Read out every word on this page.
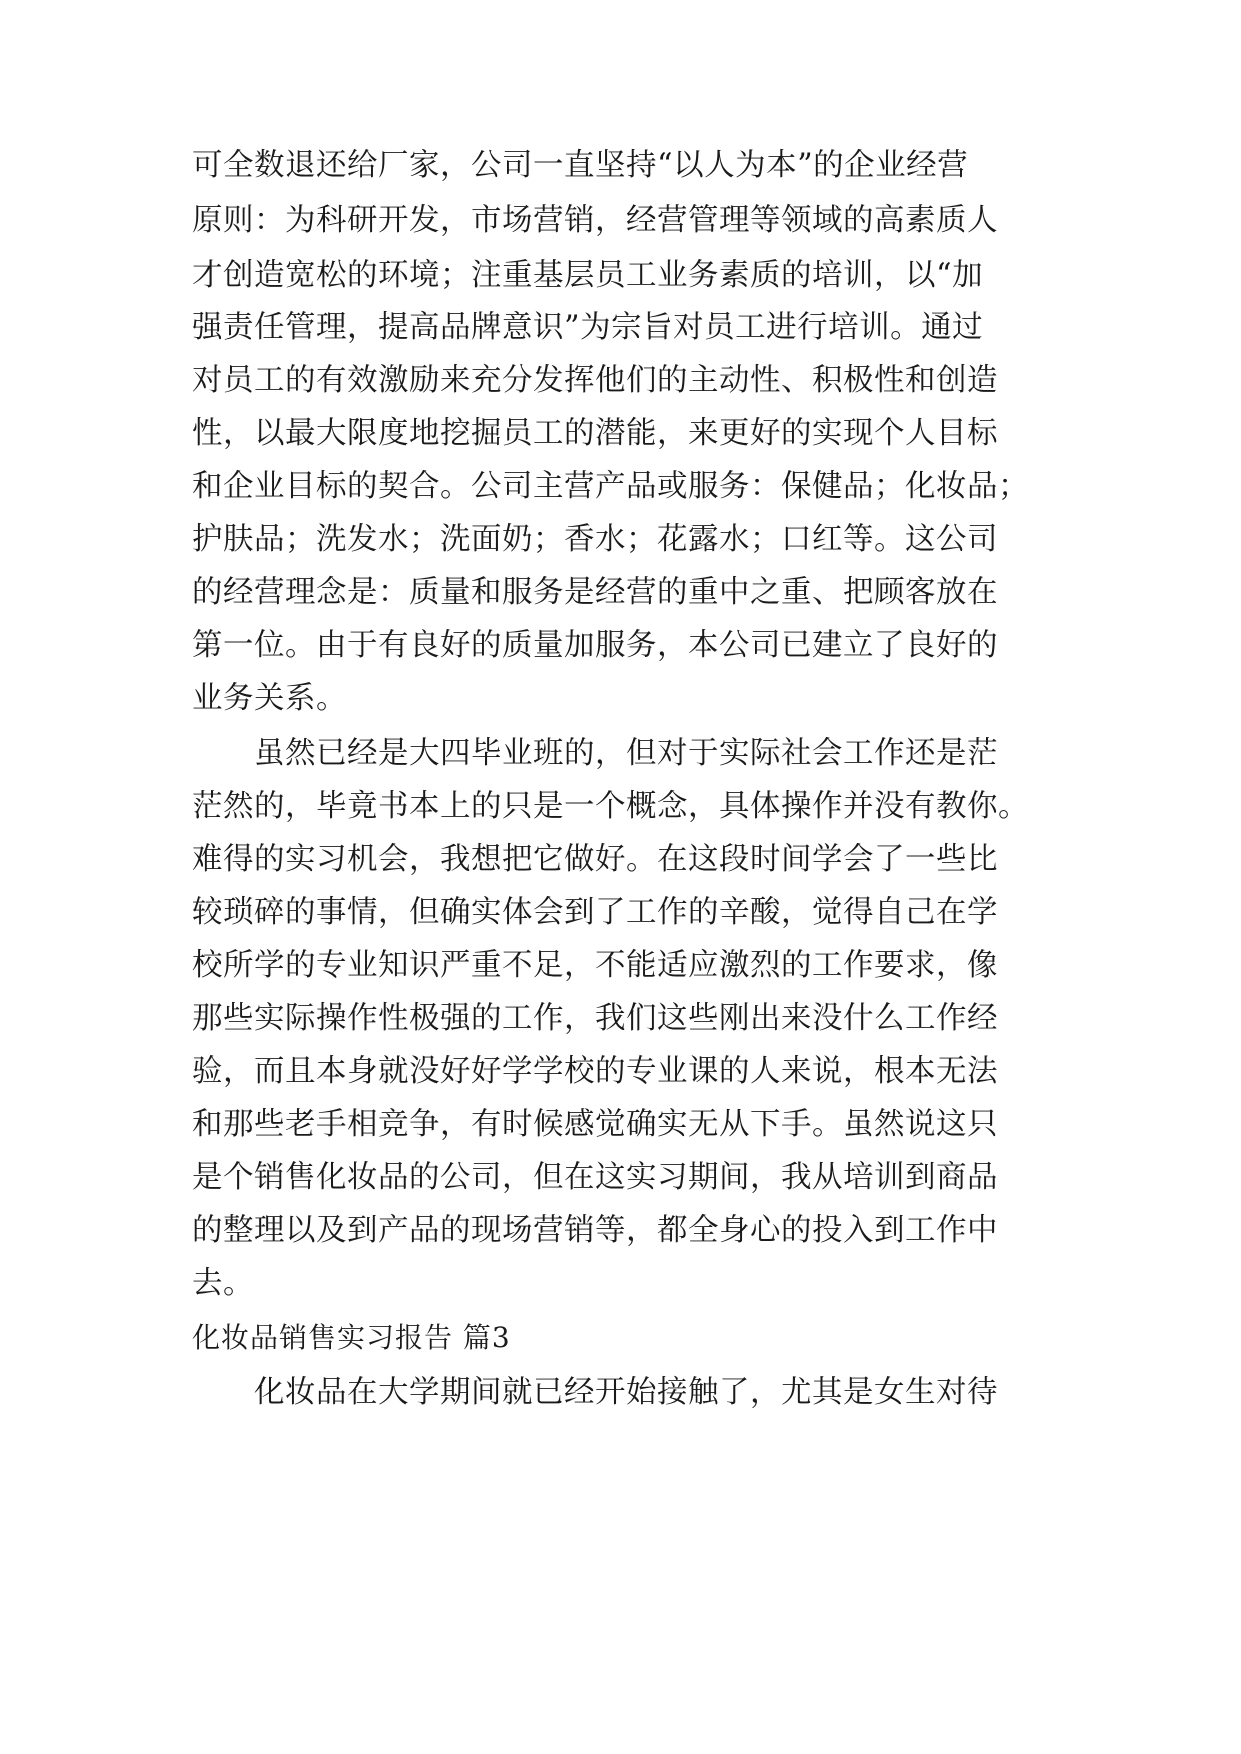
可全数退还给厂家，公司一直坚持“以人为本”的企业经营
原则：为科研开发，市场营销，经营管理等领域的高素质人
才创造宽松的环境；注重基层员工业务素质的培训，以“加
强责任管理，提高品牌意识”为宗旨对员工进行培训。通过
对员工的有效激励来充分发挥他们的主动性、积极性和创造
性，以最大限度地挖掘员工的潜能，来更好的实现个人目标
和企业目标的契合。公司主营产品或服务：保健品；化妆品；
护肤品；洗发水；洗面奶；香水；花露水；口红等。这公司
的经营理念是：质量和服务是经营的重中之重、把顾客放在
第一位。由于有良好的质量加服务，本公司已建立了良好的
业务关系。
　　虽然已经是大四毕业班的，但对于实际社会工作还是茫
茫然的，毕竟书本上的只是一个概念，具体操作并没有教你。
难得的实习机会，我想把它做好。在这段时间学会了一些比
较琐碎的事情，但确实体会到了工作的辛酸，觉得自己在学
校所学的专业知识严重不足，不能适应激烈的工作要求，像
那些实际操作性极强的工作，我们这些刚出来没什么工作经
验，而且本身就没好好学学校的专业课的人来说，根本无法
和那些老手相竞争，有时候感觉确实无从下手。虽然说这只
是个销售化妆品的公司，但在这实习期间，我从培训到商品
的整理以及到产品的现场营销等，都全身心的投入到工作中
去。
化妆品销售实习报告 篇3
　　化妆品在大学期间就已经开始接触了，尤其是女生对待
